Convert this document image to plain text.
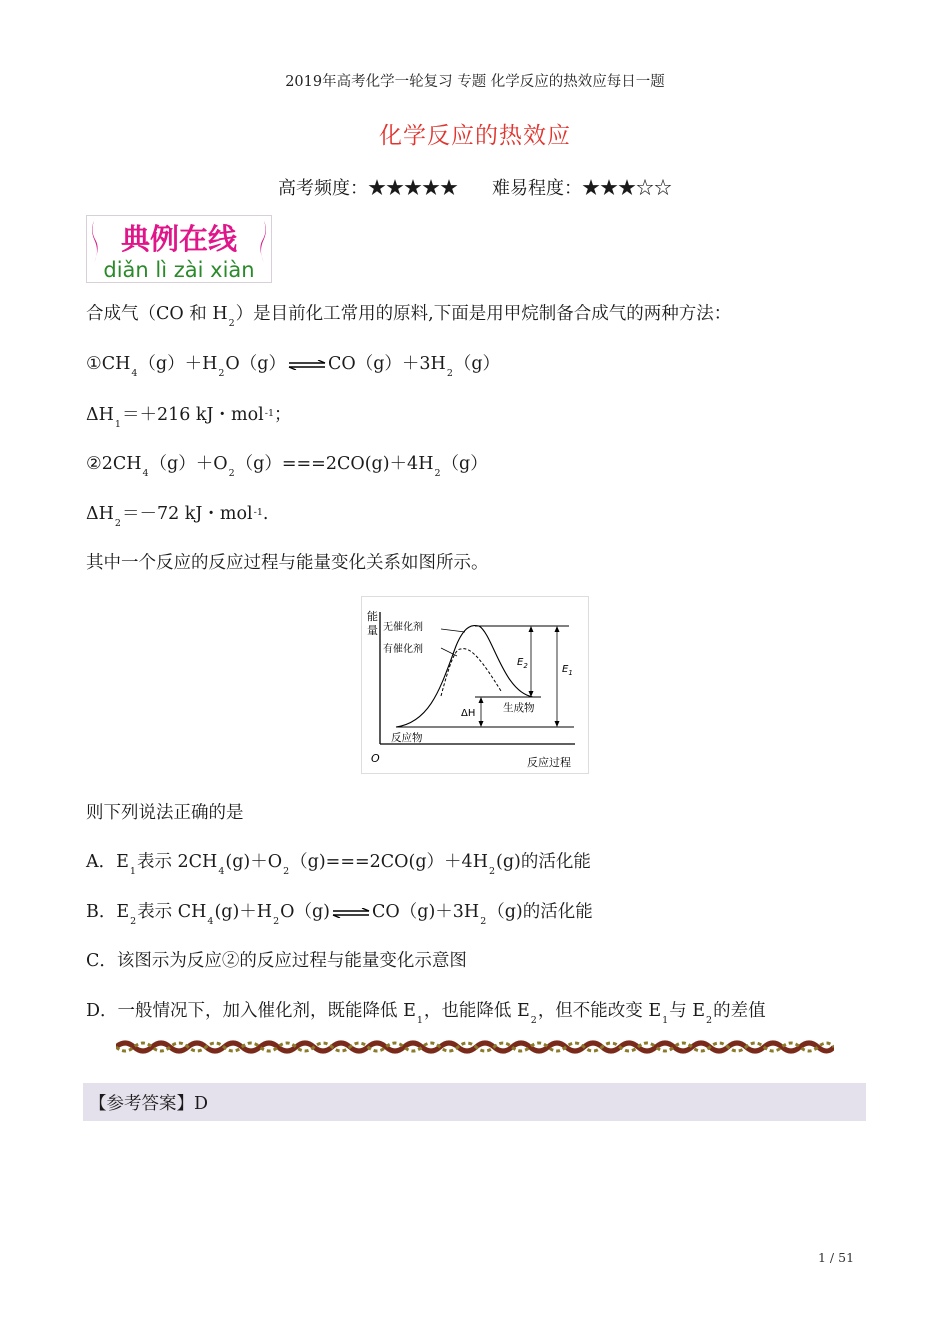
2019年高考化学一轮复习 专题 化学反应的热效应每日一题
化学反应的热效应
高考频度：★★★★★ 难易程度：★★★☆☆
典例在线
diǎn lì zài xiàn
合成气（CO 和 $H_2$）是目前化工常用的原料,下面是用甲烷制备合成气的两种方法：
$①CH_4(g)+H_2O(g)$ ⇌ $CO(g)+3H_2(g)$
$\Delta H_1=+216$ kJ・mol$^{-1}$；
$②2CH_4(g)+O_2(g)===2CO(g)+4H_2(g)$
$\Delta H_2=-72$ kJ・mol$^{-1}$.
其中一个反应的反应过程与能量变化关系如图所示。
能
量
O	反应过程
无催化剂
有催化剂
$E_2$	$E_1$
ΔH	生成物
反应物
则下列说法正确的是
A．$E_1$表示 $2CH_4(g)+O_2(g)===2CO(g)+4H_2(g)$的活化能
B．$E_2$表示 $CH_4(g)+H_2O(g)$ ⇌ $CO(g)+3H_2(g)$的活化能
C．该图示为反应②的反应过程与能量变化示意图
D．一般情况下，加入催化剂，既能降低 $E_1$，也能降低 $E_2$，但不能改变 $E_1$与 $E_2$的差值
【参考答案】D
1 / 51
